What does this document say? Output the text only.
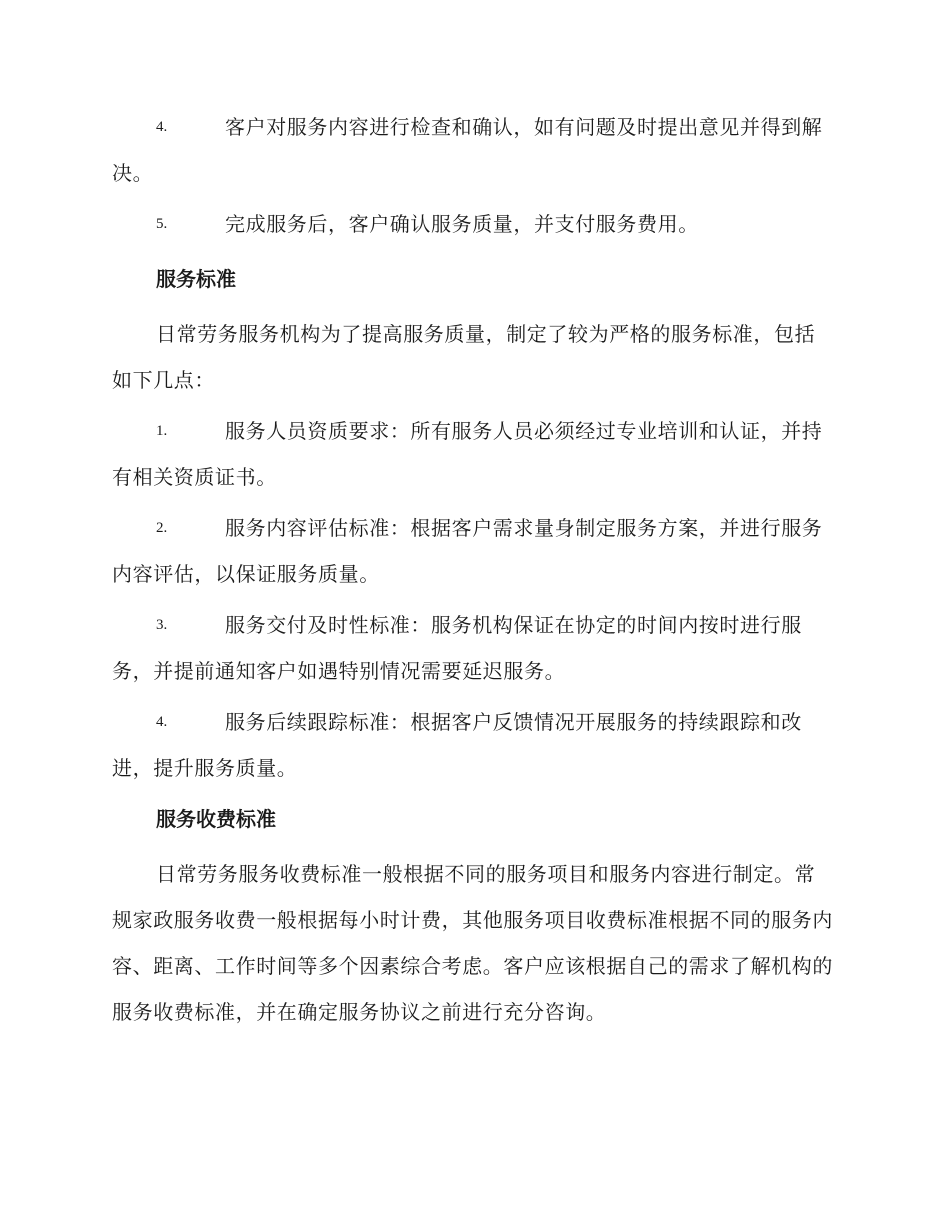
4.	客户对服务内容进行检查和确认，如有问题及时提出意见并得到解决。
5.	完成服务后，客户确认服务质量，并支付服务费用。
服务标准
日常劳务服务机构为了提高服务质量，制定了较为严格的服务标准，包括如下几点：
1.	服务人员资质要求：所有服务人员必须经过专业培训和认证，并持有相关资质证书。
2.	服务内容评估标准：根据客户需求量身制定服务方案，并进行服务内容评估，以保证服务质量。
3.	服务交付及时性标准：服务机构保证在协定的时间内按时进行服务，并提前通知客户如遇特别情况需要延迟服务。
4.	服务后续跟踪标准：根据客户反馈情况开展服务的持续跟踪和改进，提升服务质量。
服务收费标准
日常劳务服务收费标准一般根据不同的服务项目和服务内容进行制定。常规家政服务收费一般根据每小时计费，其他服务项目收费标准根据不同的服务内容、距离、工作时间等多个因素综合考虑。客户应该根据自己的需求了解机构的服务收费标准，并在确定服务协议之前进行充分咨询。
